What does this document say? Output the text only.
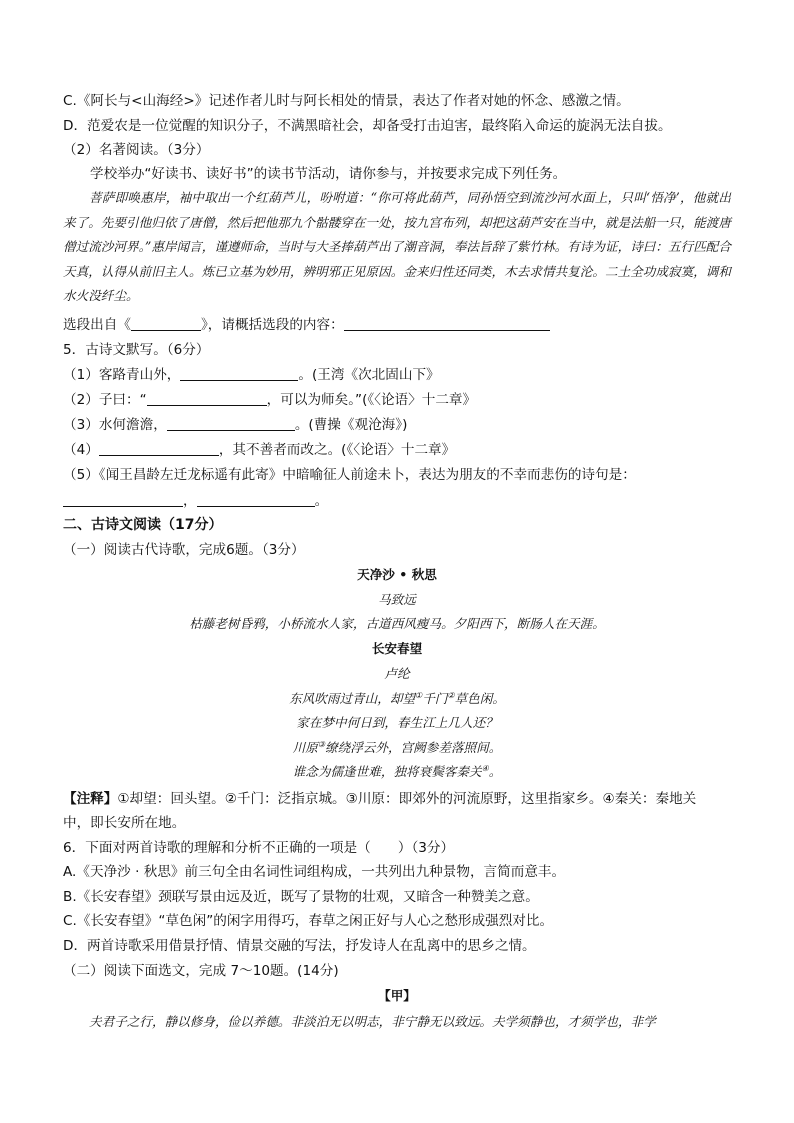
C.《阿长与<山海经>》记述作者儿时与阿长相处的情景，表达了作者对她的怀念、感激之情。
D．范爱农是一位觉醒的知识分子，不满黑暗社会，却备受打击迫害，最终陷入命运的旋涡无法自拔。
（2）名著阅读。（3分）
学校举办“好读书、读好书”的读书节活动，请你参与，并按要求完成下列任务。

菩萨即唤惠岸，袖中取出一个红葫芦儿，吩咐道：“你可将此葫芦，同孙悟空到流沙河水面上，只叫‘悟净’，他就出来了。先要引他归依了唐僧，然后把他那九个骷髅穿在一处，按九宫布列，却把这葫芦安在当中，就是法船一只，能渡唐僧过流沙河界。”惠岸闻言，谨遵师命，当时与大圣捧葫芦出了潮音洞，奉法旨辞了紫竹林。有诗为证，诗曰：五行匹配合天真，认得从前旧主人。炼已立基为妙用，辨明邪正见原因。金来归性还同类，木去求情共复沦。二土全功成寂寞，调和水火没纤尘。

选段出自《	》，请概括选段的内容：
5．古诗文默写。（6分）
（1）客路青山外，	。(王湾《次北固山下》
（2）子曰：“	，可以为师矣。”(《〈论语〉十二章》
（3）水何澹澹，	。(曹操《观沧海》)
（4）	，其不善者而改之。(《〈论语〉十二章》
（5）《闻王昌龄左迁龙标遥有此寄》中暗喻征人前途未卜，表达为朋友的不幸而悲伤的诗句是：
，	。
二、古诗文阅读（17分）
（一）阅读古代诗歌，完成6题。（3分）
天净沙 • 秋思
马致远
枯藤老树昏鸦，小桥流水人家，古道西风瘦马。夕阳西下，断肠人在天涯。
长安春望
卢纶
东风吹雨过青山，却望①千门②草色闲。
家在梦中何日到，春生江上几人还？
川原③缭绕浮云外，宫阙参差落照间。
谁念为儒逢世难，独将衰鬓客秦关④。
【注释】①却望：回头望。②千门：泛指京城。③川原：即郊外的河流原野，这里指家乡。④秦关：秦地关
中，即长安所在地。
6．下面对两首诗歌的理解和分析不正确的一项是（　　）（3分）
A.《天净沙 · 秋思》前三句全由名词性词组构成，一共列出九种景物，言简而意丰。
B.《长安春望》颈联写景由远及近，既写了景物的壮观，又暗含一种赞美之意。
C.《长安春望》“草色闲”的闲字用得巧，春草之闲正好与人心之愁形成强烈对比。
D．两首诗歌采用借景抒情、情景交融的写法，抒发诗人在乱离中的思乡之情。
（二）阅读下面选文，完成 7～10题。(14分)
【甲】

夫君子之行，静以修身，俭以养德。非淡泊无以明志，非宁静无以致远。夫学须静也，才须学也，非学
